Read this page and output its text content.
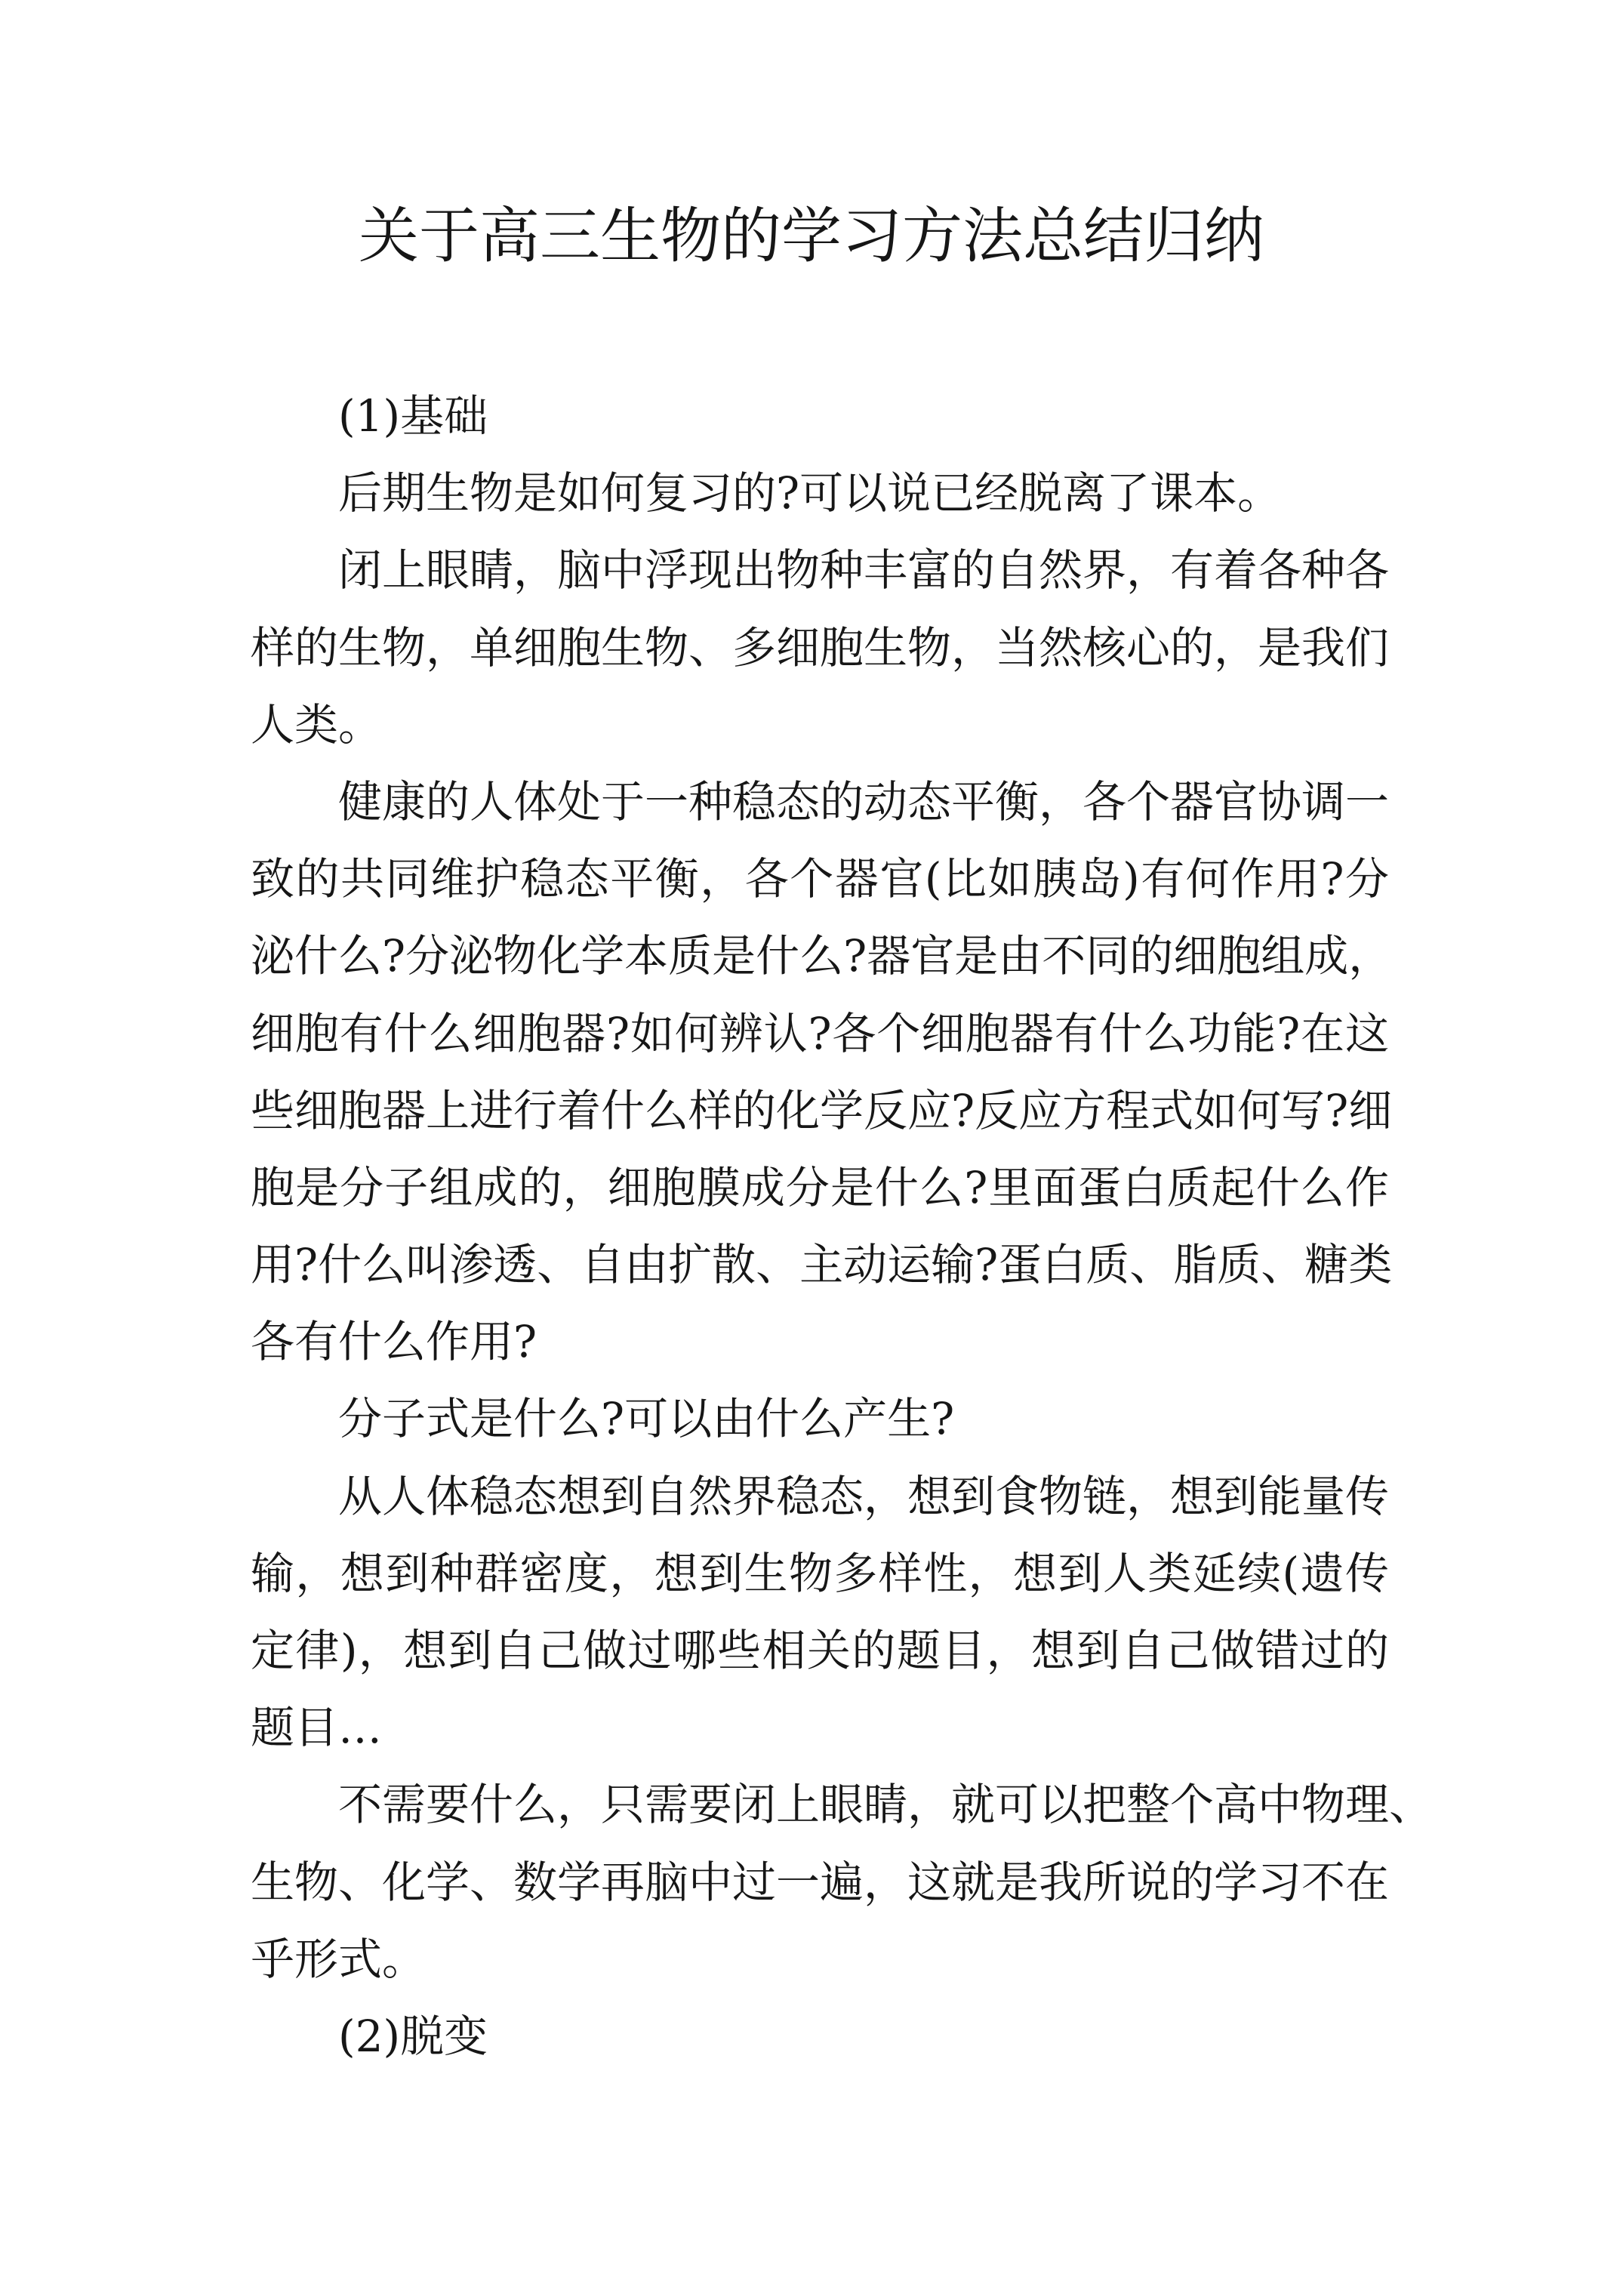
关于高三生物的学习方法总结归纳

(1)基础

后期生物是如何复习的?可以说已经脱离了课本。

闭上眼睛，脑中浮现出物种丰富的自然界，有着各种各
样的生物，单细胞生物、多细胞生物，当然核心的，是我们
人类。

健康的人体处于一种稳态的动态平衡，各个器官协调一
致的共同维护稳态平衡，各个器官(比如胰岛)有何作用?分
泌什么?分泌物化学本质是什么?器官是由不同的细胞组成，
细胞有什么细胞器?如何辨认?各个细胞器有什么功能?在这
些细胞器上进行着什么样的化学反应?反应方程式如何写?细
胞是分子组成的，细胞膜成分是什么?里面蛋白质起什么作
用?什么叫渗透、自由扩散、主动运输?蛋白质、脂质、糖类
各有什么作用?

分子式是什么?可以由什么产生?

从人体稳态想到自然界稳态，想到食物链，想到能量传
输，想到种群密度，想到生物多样性，想到人类延续(遗传
定律)，想到自己做过哪些相关的题目，想到自己做错过的
题目…

不需要什么，只需要闭上眼睛，就可以把整个高中物理、
生物、化学、数学再脑中过一遍，这就是我所说的学习不在
乎形式。

(2)脱变
